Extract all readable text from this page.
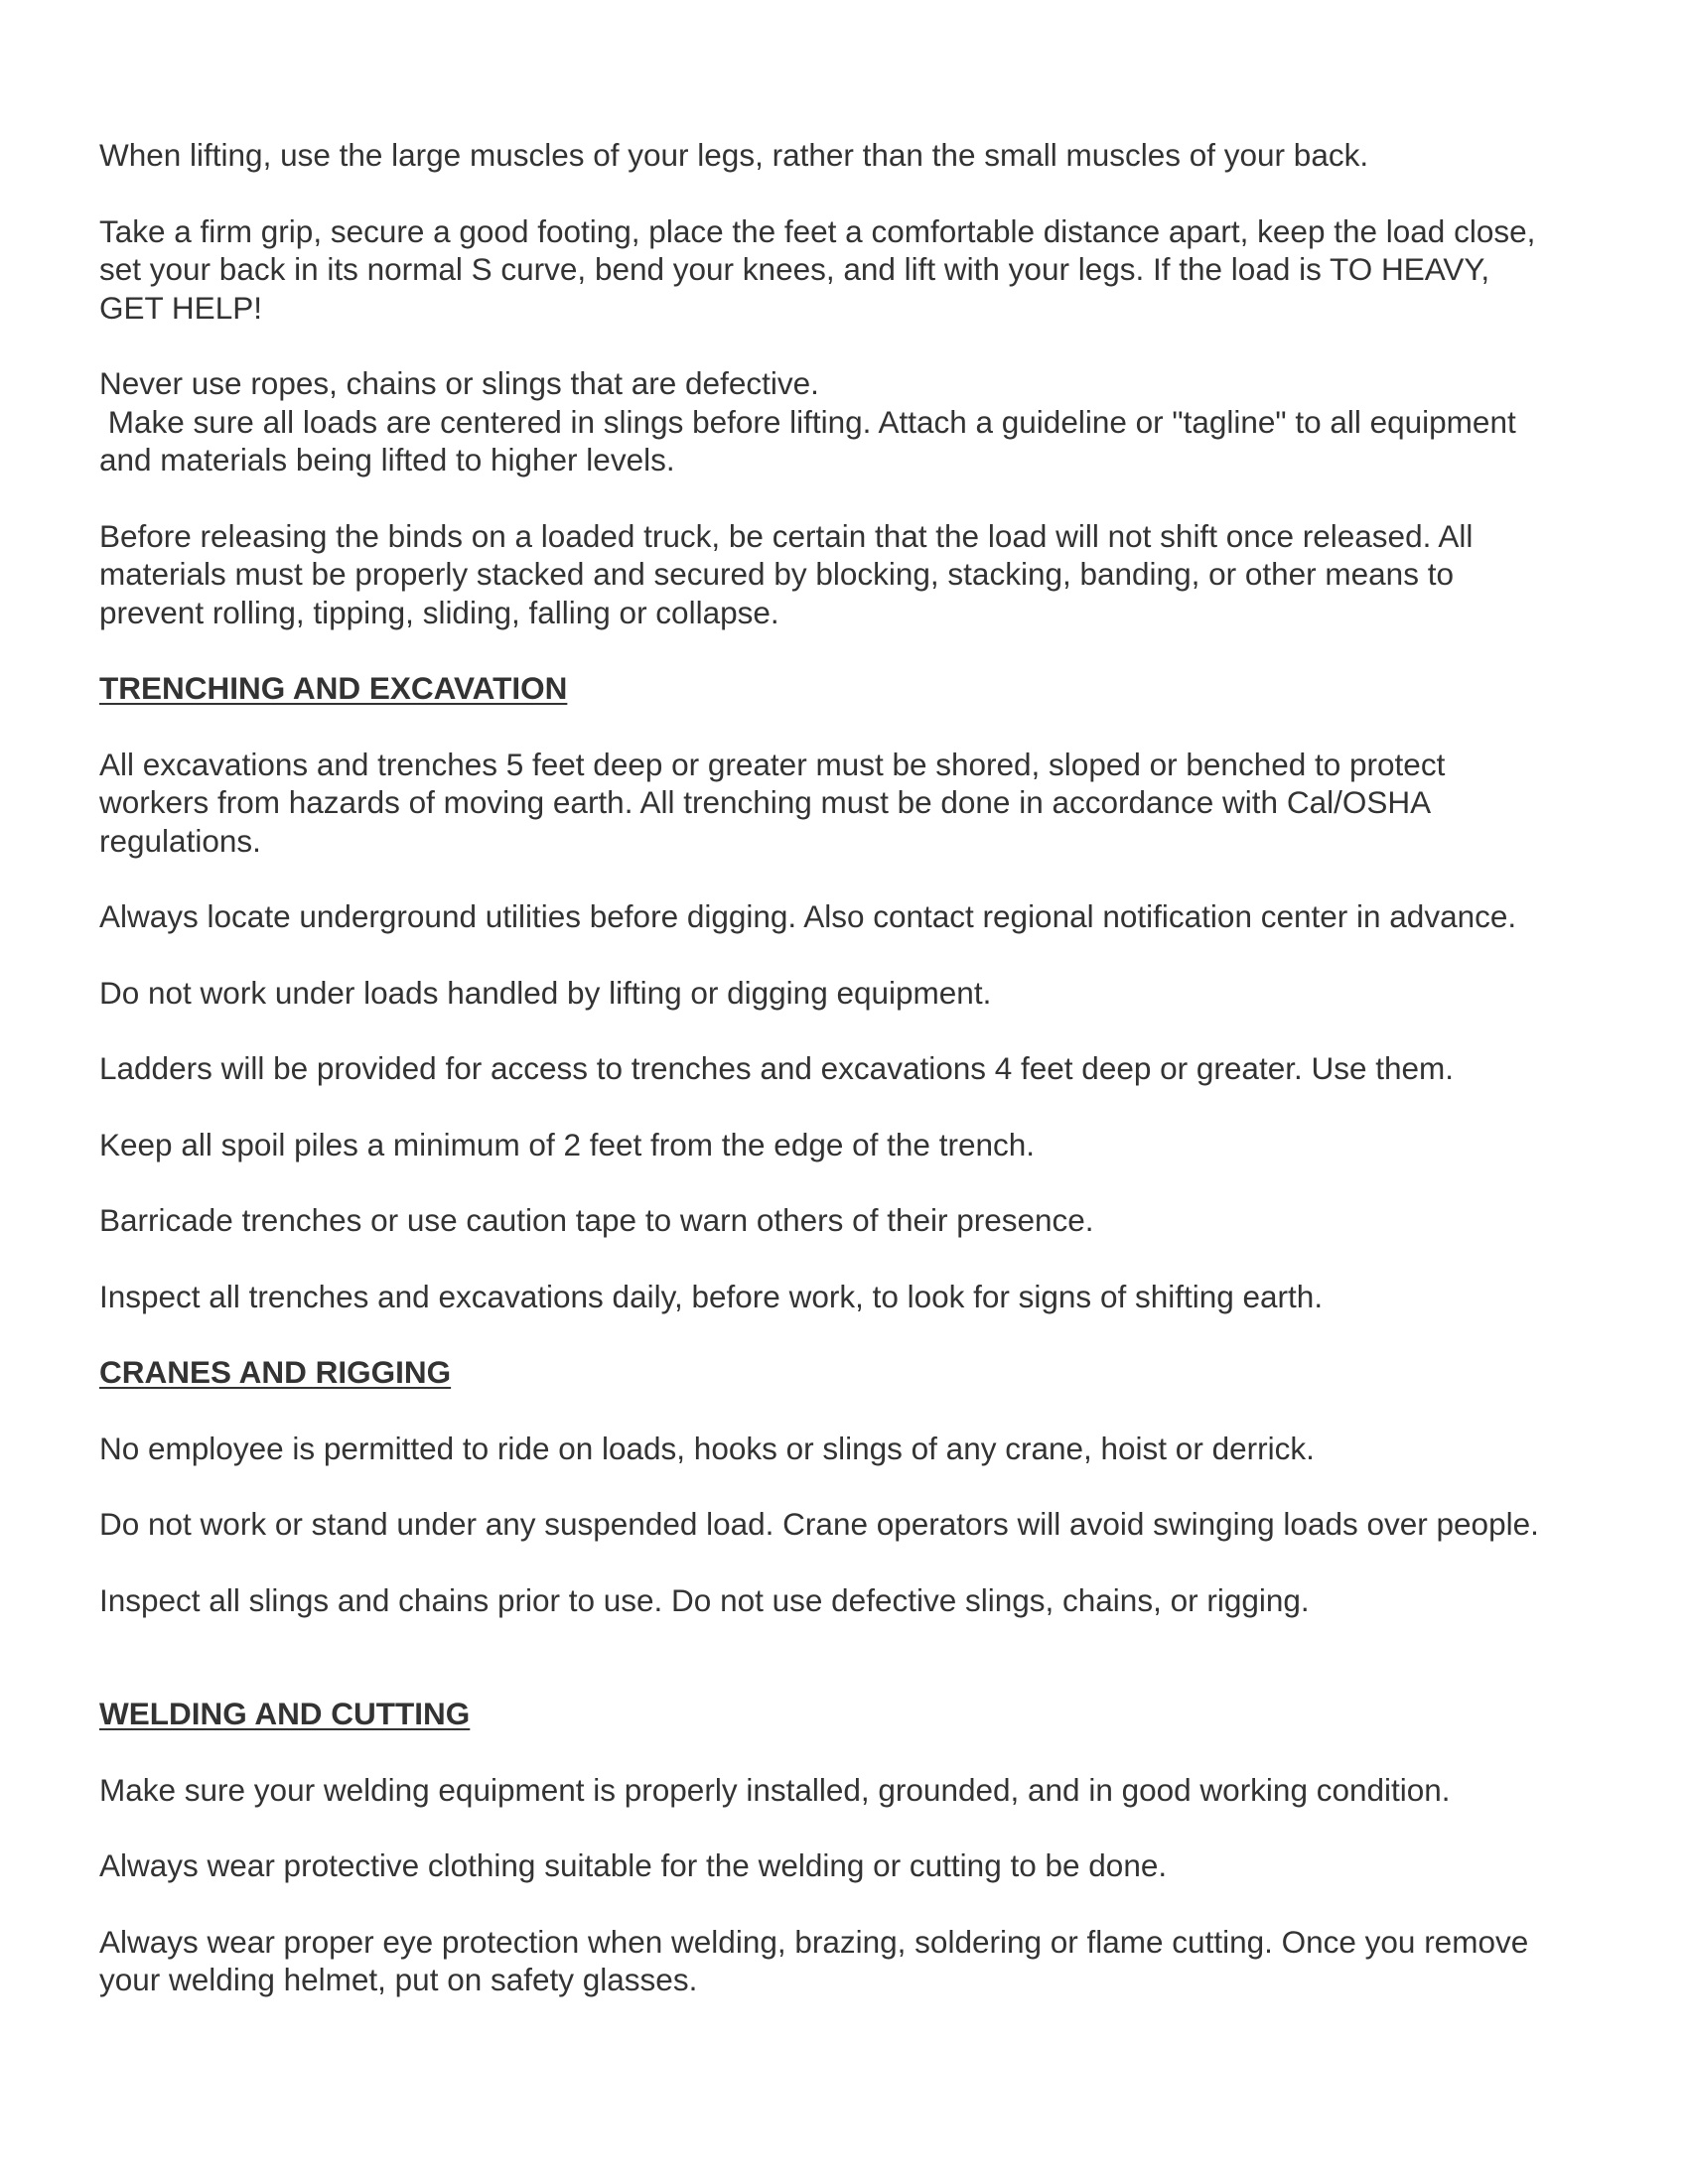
When lifting, use the large muscles of your legs, rather than the small muscles of your back.

Take a firm grip, secure a good footing, place the feet a comfortable distance apart, keep the load close, set your back in its normal S curve, bend your knees, and lift with your legs. If the load is TO HEAVY, GET HELP!

Never use ropes, chains or slings that are defective.

Make sure all loads are centered in slings before lifting. Attach a guideline or "tagline" to all equipment and materials being lifted to higher levels.

Before releasing the binds on a loaded truck, be certain that the load will not shift once released. All materials must be properly stacked and secured by blocking, stacking, banding, or other means to prevent rolling, tipping, sliding, falling or collapse.

TRENCHING AND EXCAVATION

All excavations and trenches 5 feet deep or greater must be shored, sloped or benched to protect workers from hazards of moving earth. All trenching must be done in accordance with Cal/OSHA regulations.

Always locate underground utilities before digging. Also contact regional notification center in advance.

Do not work under loads handled by lifting or digging equipment.

Ladders will be provided for access to trenches and excavations 4 feet deep or greater. Use them.

Keep all spoil piles a minimum of 2 feet from the edge of the trench.

Barricade trenches or use caution tape to warn others of their presence.

Inspect all trenches and excavations daily, before work, to look for signs of shifting earth.

CRANES AND RIGGING

No employee is permitted to ride on loads, hooks or slings of any crane, hoist or derrick.

Do not work or stand under any suspended load. Crane operators will avoid swinging loads over people.

Inspect all slings and chains prior to use. Do not use defective slings, chains, or rigging.

WELDING AND CUTTING

Make sure your welding equipment is properly installed, grounded, and in good working condition.

Always wear protective clothing suitable for the welding or cutting to be done.

Always wear proper eye protection when welding, brazing, soldering or flame cutting. Once you remove your welding helmet, put on safety glasses.
